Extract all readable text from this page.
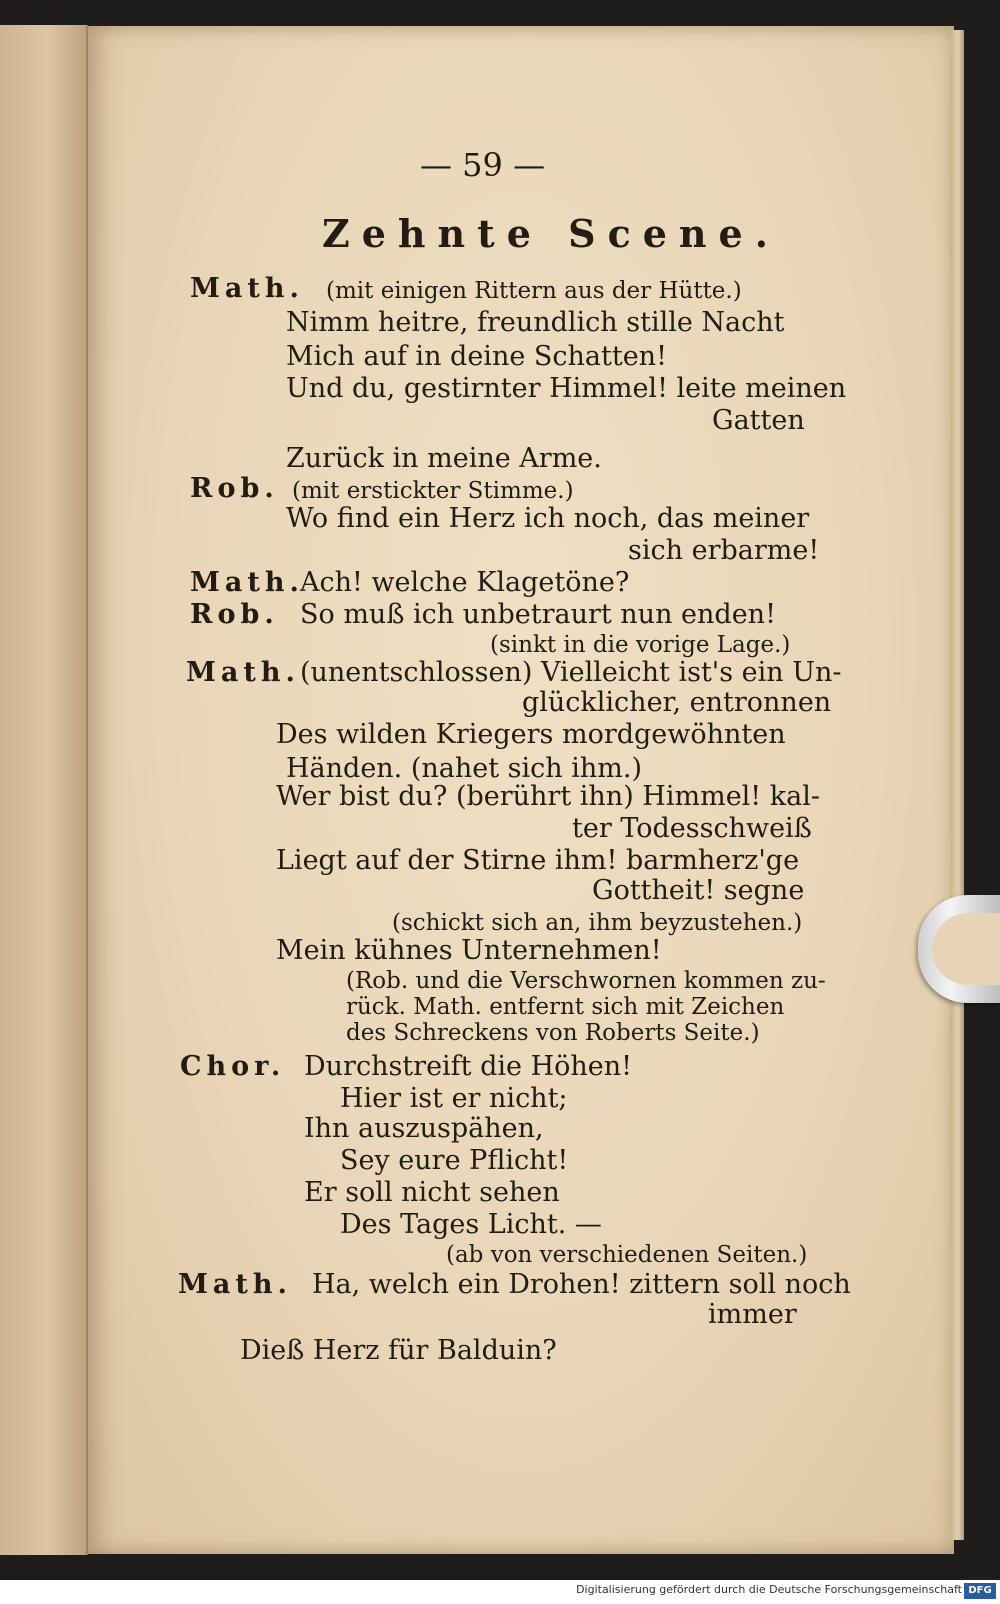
— 59 —
Zehnte Scene.
Math. (mit einigen Rittern aus der Hütte.)
Nimm heitre, freundlich stille Nacht
Mich auf in deine Schatten!
Und du, gestirnter Himmel! leite meinen
Gatten
Zurück in meine Arme.
Rob. (mit erstickter Stimme.)
Wo find ein Herz ich noch, das meiner
sich erbarme!
Math.
Ach! welche Klagetöne?
Rob. So muß ich unbetraurt nun enden!
(sinkt in die vorige Lage.)
Math. (unentschlossen) Vielleicht ist's ein Un-
glücklicher, entronnen
Des wilden Kriegers mordgewöhnten
Händen. (nahet sich ihm.)
Wer bist du? (berührt ihn) Himmel! kal-
ter Todesschweiß
Liegt auf der Stirne ihm! barmherz'ge
Gottheit! segne
(schickt sich an, ihm beyzustehen.)
Mein kühnes Unternehmen!
(Rob. und die Verschwornen kommen zu-
rück. Math. entfernt sich mit Zeichen
des Schreckens von Roberts Seite.)
Chor. Durchstreift die Höhen!
Hier ist er nicht;
Ihn auszuspähen,
Sey eure Pflicht!
Er soll nicht sehen
Des Tages Licht. —
(ab von verschiedenen Seiten.)
Math. Ha, welch ein Drohen! zittern soll noch
immer
Dieß Herz für Balduin?
Digitalisierung gefördert durch die Deutsche Forschungsgemeinschaft DFG
